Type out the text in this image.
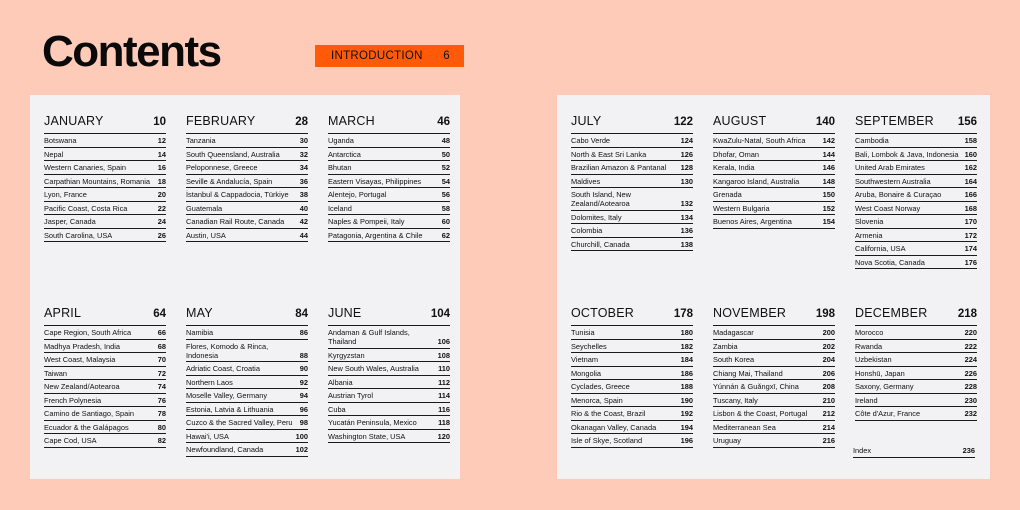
Contents	INTRODUCTION 6
JANUARY	10
Botswana	12
Nepal	14
Western Canaries, Spain	16
Carpathian Mountains, Romania	18
Lyon, France	20
Pacific Coast, Costa Rica	22
Jasper, Canada	24
South Carolina, USA	26
FEBRUARY	28
Tanzania	30
South Queensland, Australia	32
Peloponnese, Greece	34
Seville & Andalucía, Spain	36
İstanbul & Cappadocia, Türkiye	38
Guatemala	40
Canadian Rail Route, Canada	42
Austin, USA	44
MARCH	46
Uganda	48
Antarctica	50
Bhutan	52
Eastern Visayas, Philippines	54
Alentejo, Portugal	56
Iceland	58
Naples & Pompeii, Italy	60
Patagonia, Argentina & Chile	62
APRIL	64
Cape Region, South Africa	66
Madhya Pradesh, India	68
West Coast, Malaysia	70
Taiwan	72
New Zealand/Aotearoa	74
French Polynesia	76
Camino de Santiago, Spain	78
Ecuador & the Galápagos	80
Cape Cod, USA	82
MAY	84
Namibia	86
Flores, Komodo & Rinca, Indonesia	88
Adriatic Coast, Croatia	90
Northern Laos	92
Moselle Valley, Germany	94
Estonia, Latvia & Lithuania	96
Cuzco & the Sacred Valley, Peru 98
Hawai'i, USA	100
Newfoundland, Canada	102
JUNE	104
Andaman & Gulf Islands, Thailand	106
Kyrgyzstan	108
New South Wales, Australia	110
Albania	112
Austrian Tyrol	114
Cuba	116
Yucatán Peninsula, Mexico	118
Washington State, USA	120
Index	236
JULY	122
Cabo Verde	124
North & East Sri Lanka	126
Brazilian Amazon & Pantanal	128
Maldives	130
South Island, New Zealand/Aotearoa	132
Dolomites, Italy	134
Colombia	136
Churchill, Canada	138
AUGUST	140
KwaZulu-Natal, South Africa	142
Dhofar, Oman	144
Kerala, India	146
Kangaroo Island, Australia	148
Grenada	150
Western Bulgaria	152
Buenos Aires, Argentina	154
SEPTEMBER 156
Cambodia	158
Bali, Lombok & Java, Indonesia 160
United Arab Emirates	162
Southwestern Australia	164
Aruba, Bonaire & Curaçao	166
West Coast Norway	168
Slovenia	170
Armenia	172
California, USA	174
Nova Scotia, Canada	176
OCTOBER	178
Tunisia	180
Seychelles	182
Vietnam	184
Mongolia	186
Cyclades, Greece	188
Menorca, Spain	190
Rio & the Coast, Brazil	192
Okanagan Valley, Canada	194
Isle of Skye, Scotland	196
NOVEMBER	198
Madagascar	200
Zambia	202
South Korea	204
Chiang Mai, Thailand	206
Yúnnán & Guǎngxī, China	208
Tuscany, Italy	210
Lisbon & the Coast, Portugal	212
Mediterranean Sea	214
Uruguay	216
DECEMBER	218
Morocco	220
Rwanda	222
Uzbekistan	224
Honshū, Japan	226
Saxony, Germany	228
Ireland	230
Côte d'Azur, France	232
